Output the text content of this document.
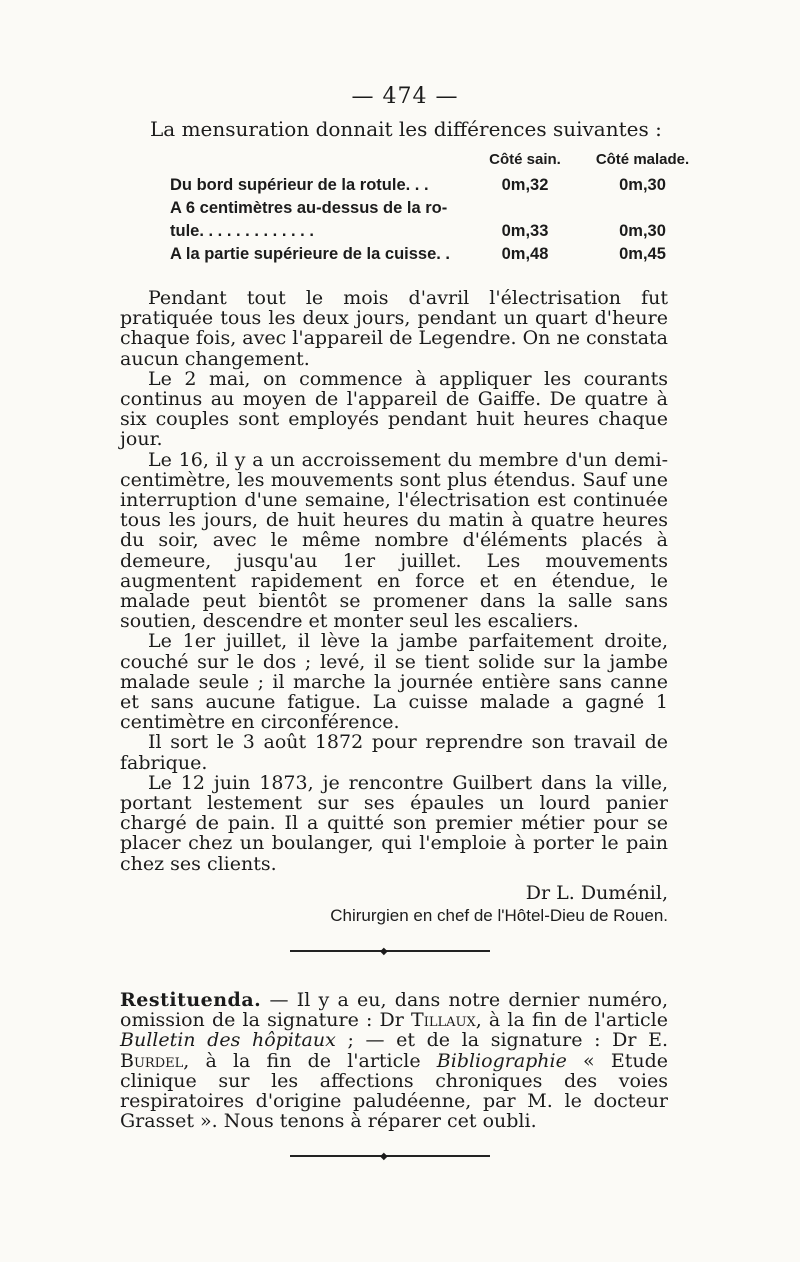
— 474 —
La mensuration donnait les différences suivantes :
	Côté sain.	Côté malade.
Du bord supérieur de la rotule. . .	0m,32	0m,30
A 6 centimètres au-dessus de la ro-		
tule. . . . . . . . . . . . .	0m,33	0m,30
A la partie supérieure de la cuisse. .	0m,48	0m,45

Pendant tout le mois d'avril l'électrisation fut pratiquée tous les deux jours, pendant un quart d'heure chaque fois, avec l'appareil de Legendre. On ne constata aucun changement.

Le 2 mai, on commence à appliquer les courants continus au moyen de l'appareil de Gaiffe. De quatre à six couples sont employés pendant huit heures chaque jour.

Le 16, il y a un accroissement du membre d'un demi-centimètre, les mouvements sont plus étendus. Sauf une interruption d'une semaine, l'électrisation est continuée tous les jours, de huit heures du matin à quatre heures du soir, avec le même nombre d'éléments placés à demeure, jusqu'au 1er juillet. Les mouvements augmentent rapidement en force et en étendue, le malade peut bientôt se promener dans la salle sans soutien, descendre et monter seul les escaliers.

Le 1er juillet, il lève la jambe parfaitement droite, couché sur le dos ; levé, il se tient solide sur la jambe malade seule ; il marche la journée entière sans canne et sans aucune fatigue. La cuisse malade a gagné 1 centimètre en circonférence.

Il sort le 3 août 1872 pour reprendre son travail de fabrique.

Le 12 juin 1873, je rencontre Guilbert dans la ville, portant lestement sur ses épaules un lourd panier chargé de pain. Il a quitté son premier métier pour se placer chez un boulanger, qui l'emploie à porter le pain chez ses clients.

Dr L. Duménil,
Chirurgien en chef de l'Hôtel-Dieu de Rouen.
◆

Restituenda. — Il y a eu, dans notre dernier numéro, omission de la signature : Dr Tillaux, à la fin de l'article Bulletin des hôpitaux ; — et de la signature : Dr E. Burdel, à la fin de l'article Bibliographie « Etude clinique sur les affections chroniques des voies respiratoires d'origine paludéenne, par M. le docteur Grasset ». Nous tenons à réparer cet oubli.

◆
